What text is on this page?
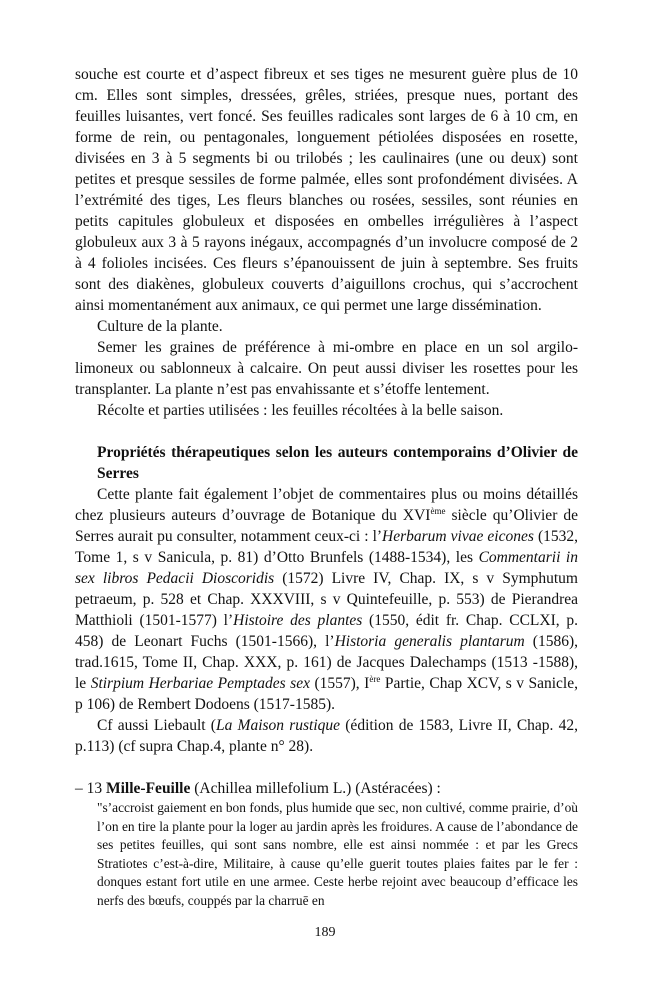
souche est courte et d’aspect fibreux et ses tiges ne mesurent guère plus de 10 cm. Elles sont simples, dressées, grêles, striées, presque nues, portant des feuilles luisantes, vert foncé. Ses feuilles radicales sont larges de 6 à 10 cm, en forme de rein, ou pentagonales, longuement pétiolées disposées en rosette, divisées en 3 à 5 segments bi ou trilobés ; les caulinaires (une ou deux) sont petites et presque sessiles de forme palmée, elles sont profondément divisées. A l’extrémité des tiges, Les fleurs blanches ou rosées, sessiles, sont réunies en petits capitules globuleux et disposées en ombelles irrégulières à l’aspect globuleux aux 3 à 5 rayons inégaux, accompagnés d’un involucre composé de 2 à 4 folioles incisées. Ces fleurs s’épanouissent de juin à septembre. Ses fruits sont des diakènes, globuleux couverts d’aiguillons crochus, qui s’accrochent ainsi momentanément aux animaux, ce qui permet une large dissémination.

Culture de la plante.

Semer les graines de préférence à mi-ombre en place en un sol argilo-limoneux ou sablonneux à calcaire. On peut aussi diviser les rosettes pour les transplanter. La plante n’est pas envahissante et s’étoffe lentement.

Récolte et parties utilisées : les feuilles récoltées à la belle saison.

Propriétés thérapeutiques selon les auteurs contemporains d’Olivier de Serres

Cette plante fait également l’objet de commentaires plus ou moins détaillés chez plusieurs auteurs d’ouvrage de Botanique du XVIème siècle qu’Olivier de Serres aurait pu consulter, notamment ceux-ci : l’Herbarum vivae eicones (1532, Tome 1, s v Sanicula, p. 81) d’Otto Brunfels (1488-1534), les Commentarii in sex libros Pedacii Dioscoridis (1572) Livre IV, Chap. IX, s v Symphutum petraeum, p. 528 et Chap. XXXVIII, s v Quintefeuille, p. 553) de Pierandrea Matthioli (1501-1577) l’Histoire des plantes (1550, édit fr. Chap. CCLXI, p. 458) de Leonart Fuchs (1501-1566), l’Historia generalis plantarum (1586), trad.1615, Tome II, Chap. XXX, p. 161) de Jacques Dalechamps (1513 -1588), le Stirpium Herbariae Pemptades sex (1557), Ière Partie, Chap XCV, s v Sanicle, p 106) de Rembert Dodoens (1517-1585).

Cf aussi Liebault (La Maison rustique (édition de 1583, Livre II, Chap. 42, p.113) (cf supra Chap.4, plante n° 28).

– 13 Mille-Feuille (Achillea millefolium L.) (Astéracées) :

"s’accroist gaiement en bon fonds, plus humide que sec, non cultivé, comme prairie, d’où l’on en tire la plante pour la loger au jardin après les froidures. A cause de l’abondance de ses petites feuilles, qui sont sans nombre, elle est ainsi nommée : et par les Grecs Stratiotes c’est-à-dire, Militaire, à cause qu’elle guerit toutes plaies faites par le fer : donques estant fort utile en une armee. Ceste herbe rejoint avec beaucoup d’efficace les nerfs des bœufs, couppés par la charruē en

189
